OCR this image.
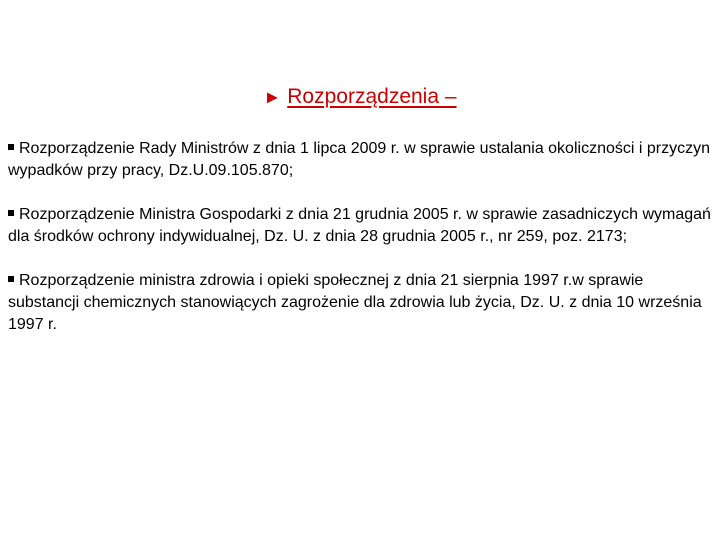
► Rozporządzenia –
Rozporządzenie Rady Ministrów z dnia 1 lipca 2009 r. w sprawie ustalania okoliczności i przyczyn wypadków przy pracy, Dz.U.09.105.870;
Rozporządzenie Ministra Gospodarki z dnia 21 grudnia 2005 r. w sprawie zasadniczych wymagań dla środków ochrony indywidualnej, Dz. U. z dnia 28 grudnia 2005 r., nr 259, poz. 2173;
Rozporządzenie ministra zdrowia i opieki społecznej z dnia 21 sierpnia 1997 r.w sprawie substancji chemicznych stanowiących zagrożenie dla zdrowia lub życia, Dz. U. z dnia 10 września 1997 r.
